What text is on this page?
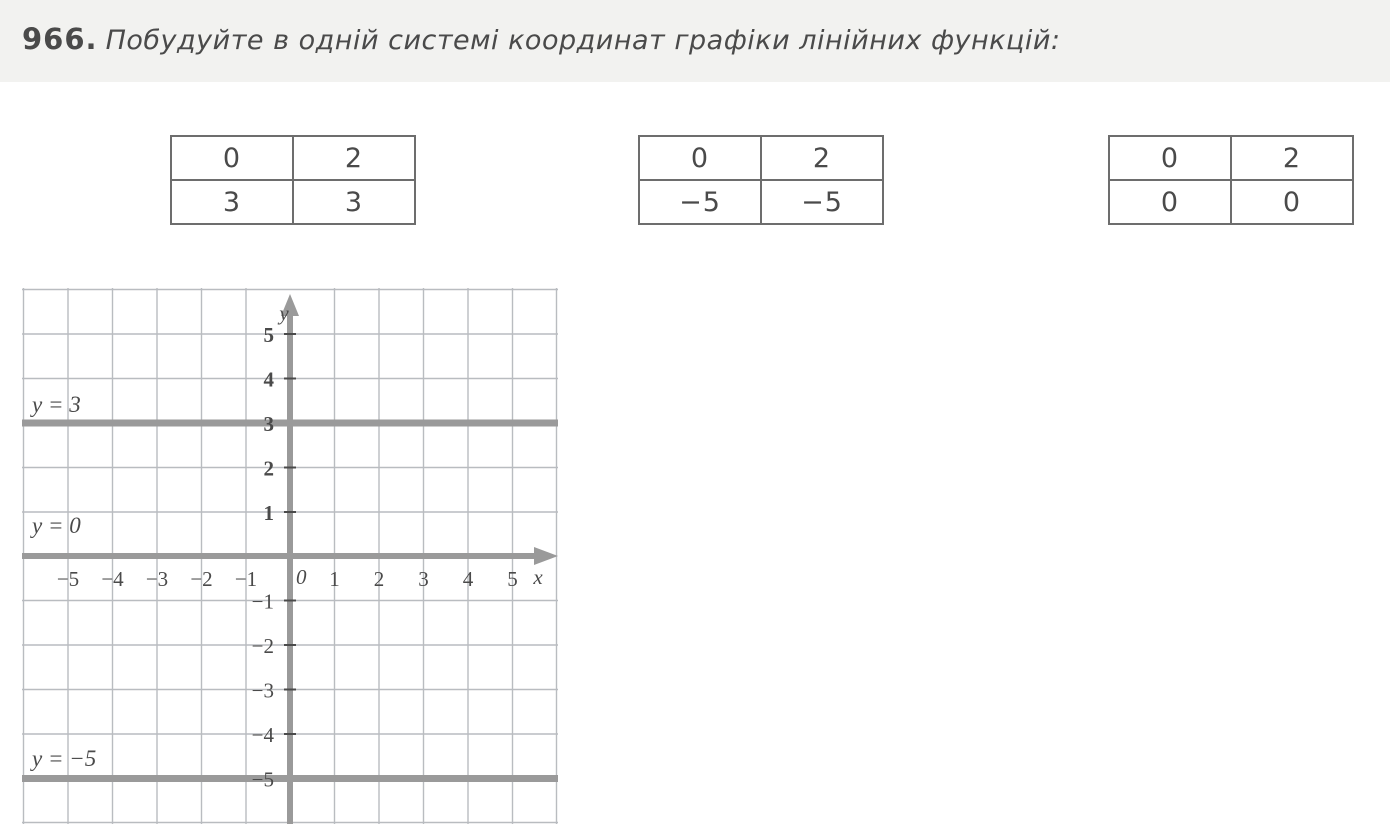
966. Побудуйте в одній системі координат графіки лінійних функцій:
0	2
3	3
0	2
−5	−5
0	2
0	0
−5 −4 −3 −2 −1	1 2 3 4 5
5
4
3
2
1
−1
−2
−3
−4
−5
0	x
y
y = 3
y = 0
y = −5
